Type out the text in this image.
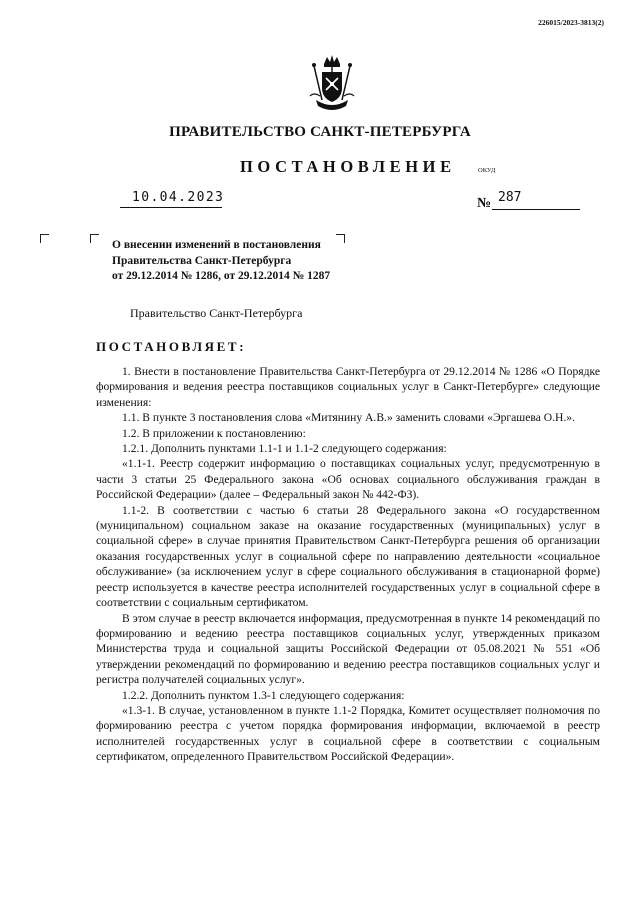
226015/2023-3813(2)
ПРАВИТЕЛЬСТВО САНКТ-ПЕТЕРБУРГА
ПОСТАНОВЛЕНИЕ	ОКУД
10.04.2023	№ 287
О внесении изменений в постановления
Правительства Санкт-Петербурга
от 29.12.2014 № 1286, от 29.12.2014 № 1287
Правительство Санкт-Петербурга
ПОСТАНОВЛЯЕТ:

1. Внести в постановление Правительства Санкт-Петербурга от 29.12.2014 № 1286 «О Порядке формирования и ведения реестра поставщиков социальных услуг в Санкт-Петербурге» следующие изменения:

1.1. В пункте 3 постановления слова «Митянину А.В.» заменить словами «Эргашева О.Н.».

1.2. В приложении к постановлению:

1.2.1. Дополнить пунктами 1.1-1 и 1.1-2 следующего содержания:

«1.1-1. Реестр содержит информацию о поставщиках социальных услуг, предусмотренную в части 3 статьи 25 Федерального закона «Об основах социального обслуживания граждан в Российской Федерации» (далее – Федеральный закон № 442-ФЗ).

1.1-2. В соответствии с частью 6 статьи 28 Федерального закона «О государственном (муниципальном) социальном заказе на оказание государственных (муниципальных) услуг в социальной сфере» в случае принятия Правительством Санкт-Петербурга решения об организации оказания государственных услуг в социальной сфере по направлению деятельности «социальное обслуживание» (за исключением услуг в сфере социального обслуживания в стационарной форме) реестр используется в качестве реестра исполнителей государственных услуг в социальной сфере в соответствии с социальным сертификатом.

В этом случае в реестр включается информация, предусмотренная в пункте 14 рекомендаций по формированию и ведению реестра поставщиков социальных услуг, утвержденных приказом Министерства труда и социальной защиты Российской Федерации от 05.08.2021 № 551 «Об утверждении рекомендаций по формированию и ведению реестра поставщиков социальных услуг и регистра получателей социальных услуг».

1.2.2. Дополнить пунктом 1.3-1 следующего содержания:

«1.3-1. В случае, установленном в пункте 1.1-2 Порядка, Комитет осуществляет полномочия по формированию реестра с учетом порядка формирования информации, включаемой в реестр исполнителей государственных услуг в социальной сфере в соответствии с социальным сертификатом, определенного Правительством Российской Федерации».
